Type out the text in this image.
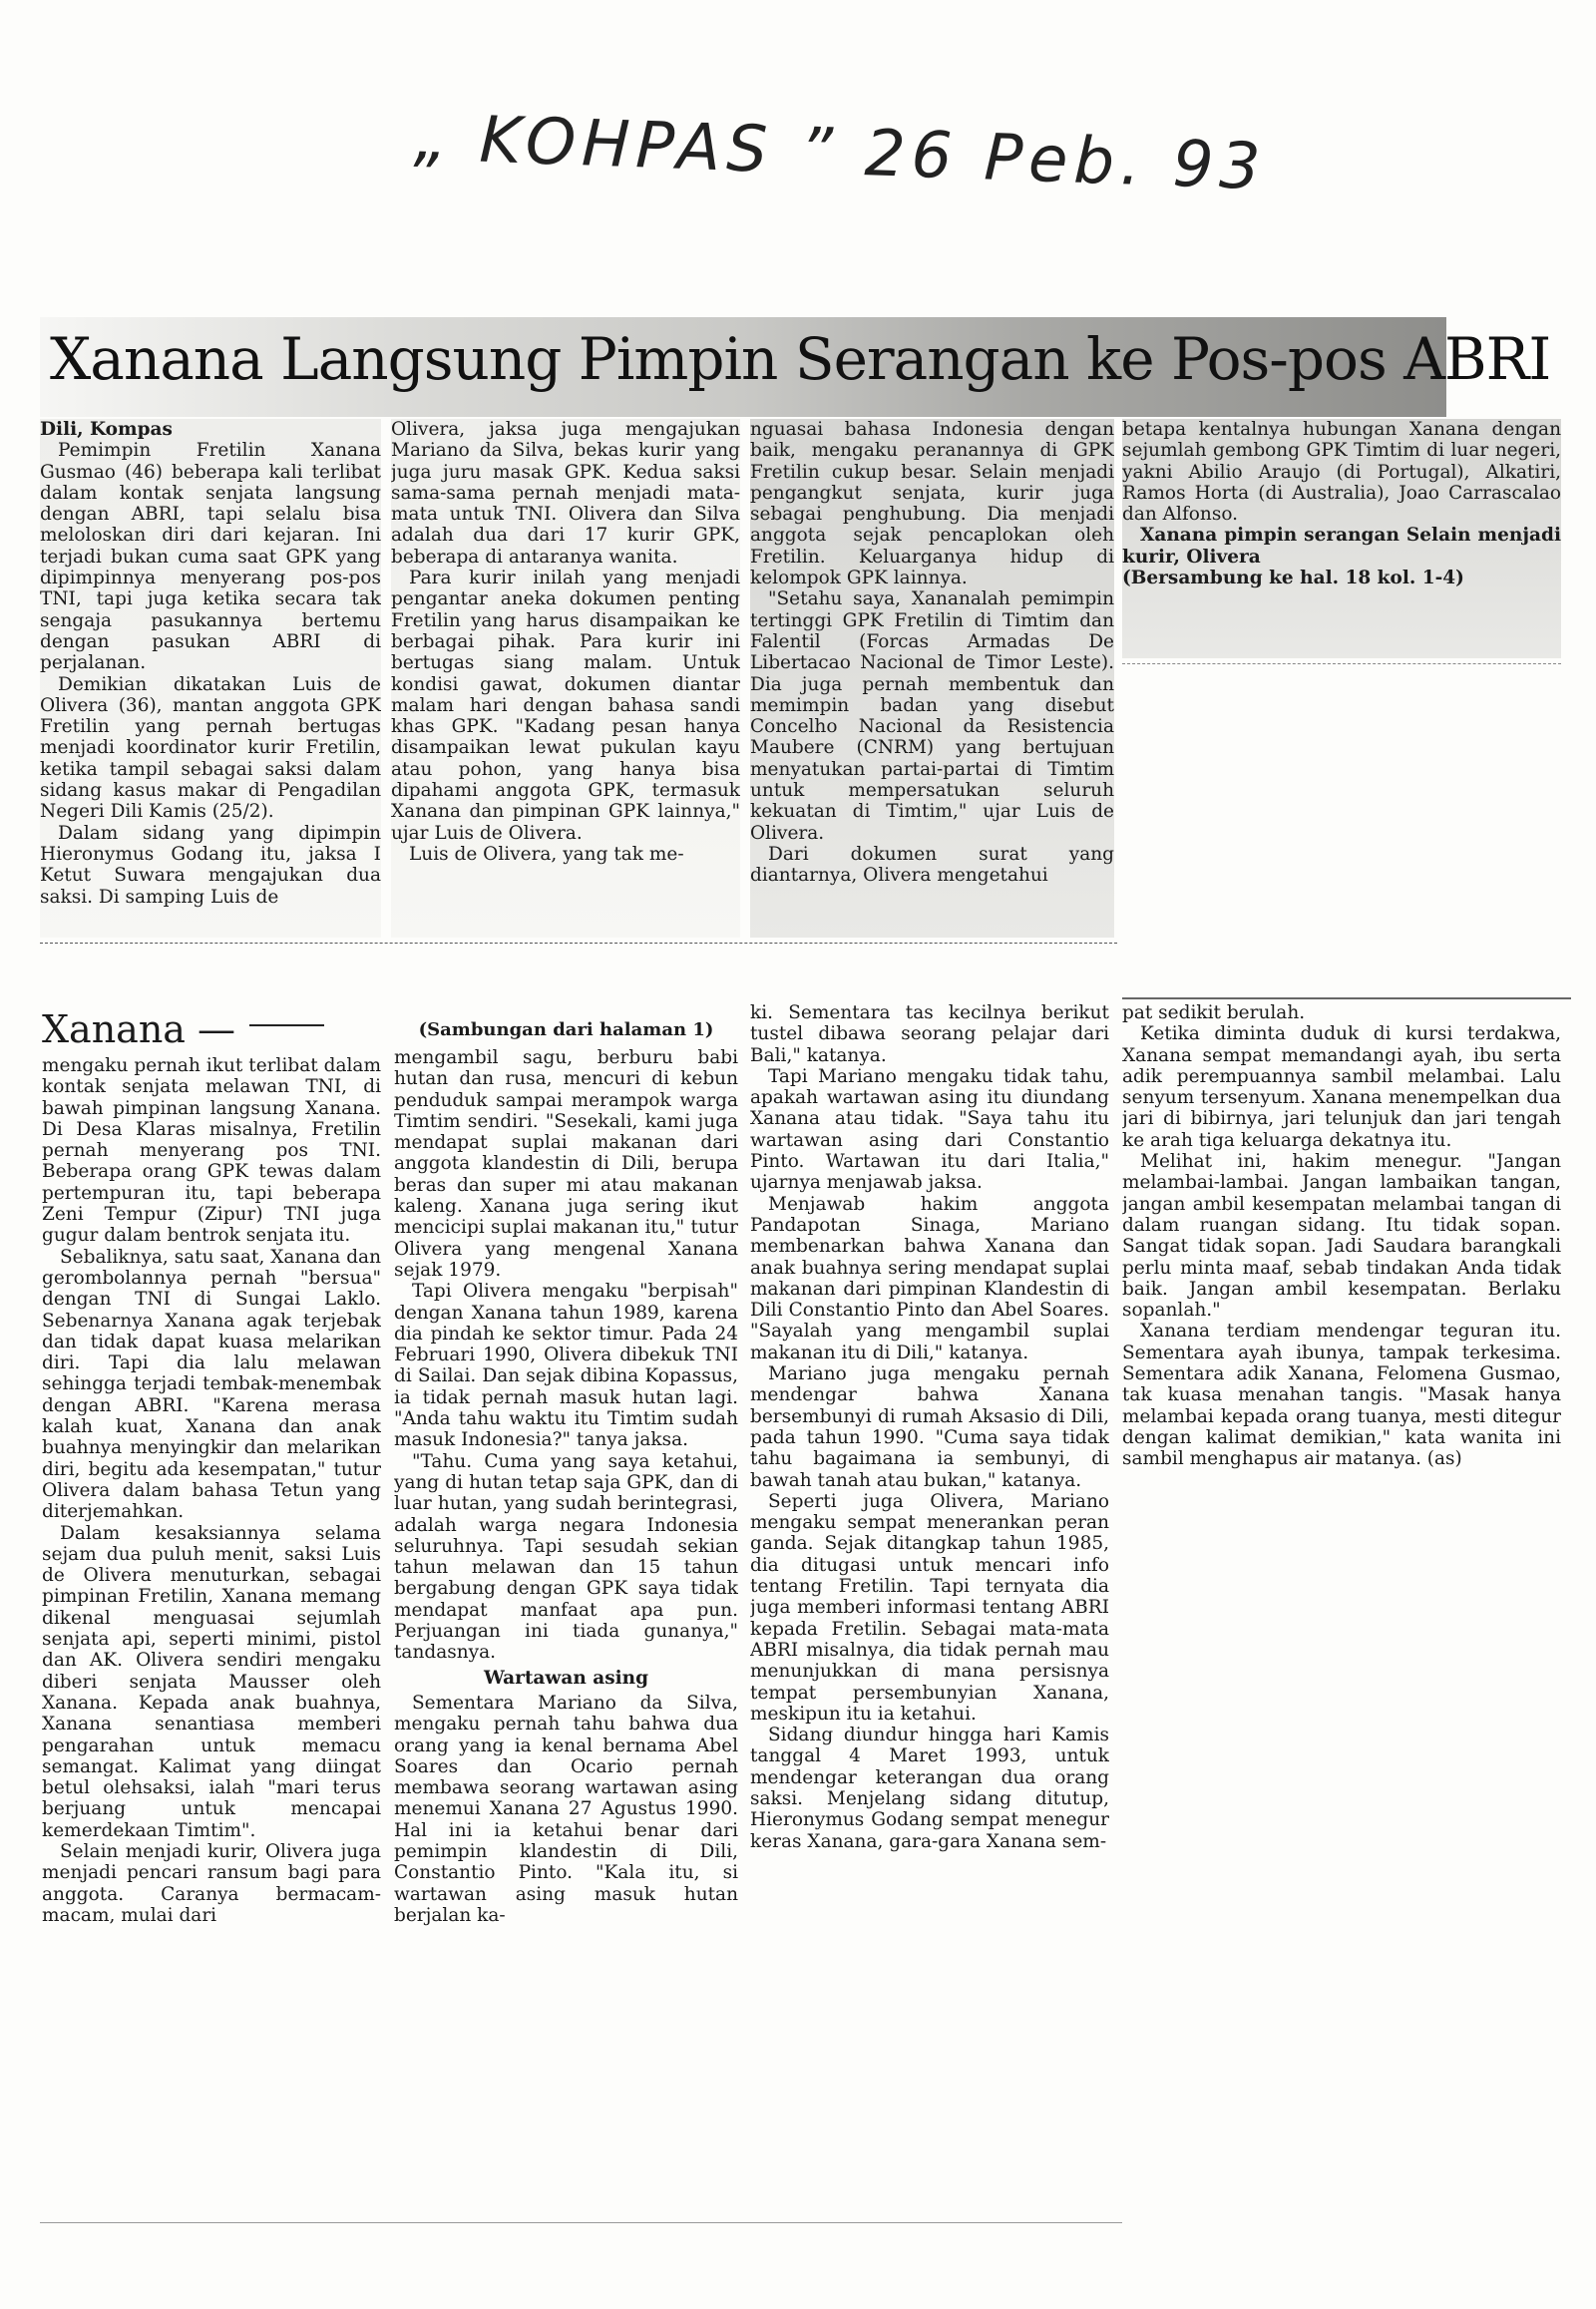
„ KOHPAS ” 26 Peb. 93
Xanana Langsung Pimpin Serangan ke Pos-pos ABRI

Dili, Kompas

Pemimpin Fretilin Xanana Gusmao (46) beberapa kali terlibat dalam kontak senjata langsung dengan ABRI, tapi selalu bisa meloloskan diri dari kejaran. Ini terjadi bukan cuma saat GPK yang dipimpinnya menyerang pos-pos TNI, tapi juga ketika secara tak sengaja pasukannya bertemu dengan pasukan ABRI di perjalanan.

Demikian dikatakan Luis de Olivera (36), mantan anggota GPK Fretilin yang pernah bertugas menjadi koordinator kurir Fretilin, ketika tampil sebagai saksi dalam sidang kasus makar di Pengadilan Negeri Dili Kamis (25/2).

Dalam sidang yang dipimpin Hieronymus Godang itu, jaksa I Ketut Suwara mengajukan dua saksi. Di samping Luis de

Olivera, jaksa juga mengajukan Mariano da Silva, bekas kurir yang juga juru masak GPK. Kedua saksi sama-sama pernah menjadi mata-mata untuk TNI. Olivera dan Silva adalah dua dari 17 kurir GPK, beberapa di antaranya wanita.

Para kurir inilah yang menjadi pengantar aneka dokumen penting Fretilin yang harus disampaikan ke berbagai pihak. Para kurir ini bertugas siang malam. Untuk kondisi gawat, dokumen diantar malam hari dengan bahasa sandi khas GPK. "Kadang pesan hanya disampaikan lewat pukulan kayu atau pohon, yang hanya bisa dipahami anggota GPK, termasuk Xanana dan pimpinan GPK lainnya," ujar Luis de Olivera.

Luis de Olivera, yang tak me-

nguasai bahasa Indonesia dengan baik, mengaku peranannya di GPK Fretilin cukup besar. Selain menjadi pengangkut senjata, kurir juga sebagai penghubung. Dia menjadi anggota sejak pencaplokan oleh Fretilin. Keluarganya hidup di kelompok GPK lainnya.

"Setahu saya, Xananalah pemimpin tertinggi GPK Fretilin di Timtim dan Falentil (Forcas Armadas De Libertacao Nacional de Timor Leste). Dia juga pernah membentuk dan memimpin badan yang disebut Concelho Nacional da Resistencia Maubere (CNRM) yang bertujuan menyatukan partai-partai di Timtim untuk mempersatukan seluruh kekuatan di Timtim," ujar Luis de Olivera.

Dari dokumen surat yang diantarnya, Olivera mengetahui

betapa kentalnya hubungan Xanana dengan sejumlah gembong GPK Timtim di luar negeri, yakni Abilio Araujo (di Portugal), Alkatiri, Ramos Horta (di Australia), Joao Carrascalao dan Alfonso.

Xanana pimpin serangan Selain menjadi kurir, Olivera

(Bersambung ke hal. 18 kol. 1-4)

Xanana —	(Sambungan dari halaman 1)

mengaku pernah ikut terlibat dalam kontak senjata melawan TNI, di bawah pimpinan langsung Xanana. Di Desa Klaras misalnya, Fretilin pernah menyerang pos TNI. Beberapa orang GPK tewas dalam pertempuran itu, tapi beberapa Zeni Tempur (Zipur) TNI juga gugur dalam bentrok senjata itu.

Sebaliknya, satu saat, Xanana dan gerombolannya pernah "bersua" dengan TNI di Sungai Laklo. Sebenarnya Xanana agak terjebak dan tidak dapat kuasa melarikan diri. Tapi dia lalu melawan sehingga terjadi tembak-menembak dengan ABRI. "Karena merasa kalah kuat, Xanana dan anak buahnya menyingkir dan melarikan diri, begitu ada kesempatan," tutur Olivera dalam bahasa Tetun yang diterjemahkan.

Dalam kesaksiannya selama sejam dua puluh menit, saksi Luis de Olivera menuturkan, sebagai pimpinan Fretilin, Xanana memang dikenal menguasai sejumlah senjata api, seperti minimi, pistol dan AK. Olivera sendiri mengaku diberi senjata Mausser oleh Xanana. Kepada anak buahnya, Xanana senantiasa memberi pengarahan untuk memacu semangat. Kalimat yang diingat betul olehsaksi, ialah "mari terus berjuang untuk mencapai kemerdekaan Timtim".

Selain menjadi kurir, Olivera juga menjadi pencari ransum bagi para anggota. Caranya bermacam-macam, mulai dari

mengambil sagu, berburu babi hutan dan rusa, mencuri di kebun penduduk sampai merampok warga Timtim sendiri. "Sesekali, kami juga mendapat suplai makanan dari anggota klandestin di Dili, berupa beras dan super mi atau makanan kaleng. Xanana juga sering ikut mencicipi suplai makanan itu," tutur Olivera yang mengenal Xanana sejak 1979.

Tapi Olivera mengaku "berpisah" dengan Xanana tahun 1989, karena dia pindah ke sektor timur. Pada 24 Februari 1990, Olivera dibekuk TNI di Sailai. Dan sejak dibina Kopassus, ia tidak pernah masuk hutan lagi. "Anda tahu waktu itu Timtim sudah masuk Indonesia?" tanya jaksa.

"Tahu. Cuma yang saya ketahui, yang di hutan tetap saja GPK, dan di luar hutan, yang sudah berintegrasi, adalah warga negara Indonesia seluruhnya. Tapi sesudah sekian tahun melawan dan 15 tahun bergabung dengan GPK saya tidak mendapat manfaat apa pun. Perjuangan ini tiada gunanya," tandasnya.

Wartawan asing

Sementara Mariano da Silva, mengaku pernah tahu bahwa dua orang yang ia kenal bernama Abel Soares dan Ocario pernah membawa seorang wartawan asing menemui Xanana 27 Agustus 1990. Hal ini ia ketahui benar dari pemimpin klandestin di Dili, Constantio Pinto. "Kala itu, si wartawan asing masuk hutan berjalan ka-

ki. Sementara tas kecilnya berikut tustel dibawa seorang pelajar dari Bali," katanya.

Tapi Mariano mengaku tidak tahu, apakah wartawan asing itu diundang Xanana atau tidak. "Saya tahu itu wartawan asing dari Constantio Pinto. Wartawan itu dari Italia," ujarnya menjawab jaksa.

Menjawab hakim anggota Pandapotan Sinaga, Mariano membenarkan bahwa Xanana dan anak buahnya sering mendapat suplai makanan dari pimpinan Klandestin di Dili Constantio Pinto dan Abel Soares. "Sayalah yang mengambil suplai makanan itu di Dili," katanya.

Mariano juga mengaku pernah mendengar bahwa Xanana bersembunyi di rumah Aksasio di Dili, pada tahun 1990. "Cuma saya tidak tahu bagaimana ia sembunyi, di bawah tanah atau bukan," katanya.

Seperti juga Olivera, Mariano mengaku sempat menerankan peran ganda. Sejak ditangkap tahun 1985, dia ditugasi untuk mencari info tentang Fretilin. Tapi ternyata dia juga memberi informasi tentang ABRI kepada Fretilin. Sebagai mata-mata ABRI misalnya, dia tidak pernah mau menunjukkan di mana persisnya tempat persembunyian Xanana, meskipun itu ia ketahui.

Sidang diundur hingga hari Kamis tanggal 4 Maret 1993, untuk mendengar keterangan dua orang saksi. Menjelang sidang ditutup, Hieronymus Godang sempat menegur keras Xanana, gara-gara Xanana sem-

pat sedikit berulah.

Ketika diminta duduk di kursi terdakwa, Xanana sempat memandangi ayah, ibu serta adik perempuannya sambil melambai. Lalu senyum tersenyum. Xanana menempelkan dua jari di bibirnya, jari telunjuk dan jari tengah ke arah tiga keluarga dekatnya itu.

Melihat ini, hakim menegur. "Jangan melambai-lambai. Jangan lambaikan tangan, jangan ambil kesempatan melambai tangan di dalam ruangan sidang. Itu tidak sopan. Sangat tidak sopan. Jadi Saudara barangkali perlu minta maaf, sebab tindakan Anda tidak baik. Jangan ambil kesempatan. Berlaku sopanlah."

Xanana terdiam mendengar teguran itu. Sementara ayah ibunya, tampak terkesima. Sementara adik Xanana, Felomena Gusmao, tak kuasa menahan tangis. "Masak hanya melambai kepada orang tuanya, mesti ditegur dengan kalimat demikian," kata wanita ini sambil menghapus air matanya. (as)
